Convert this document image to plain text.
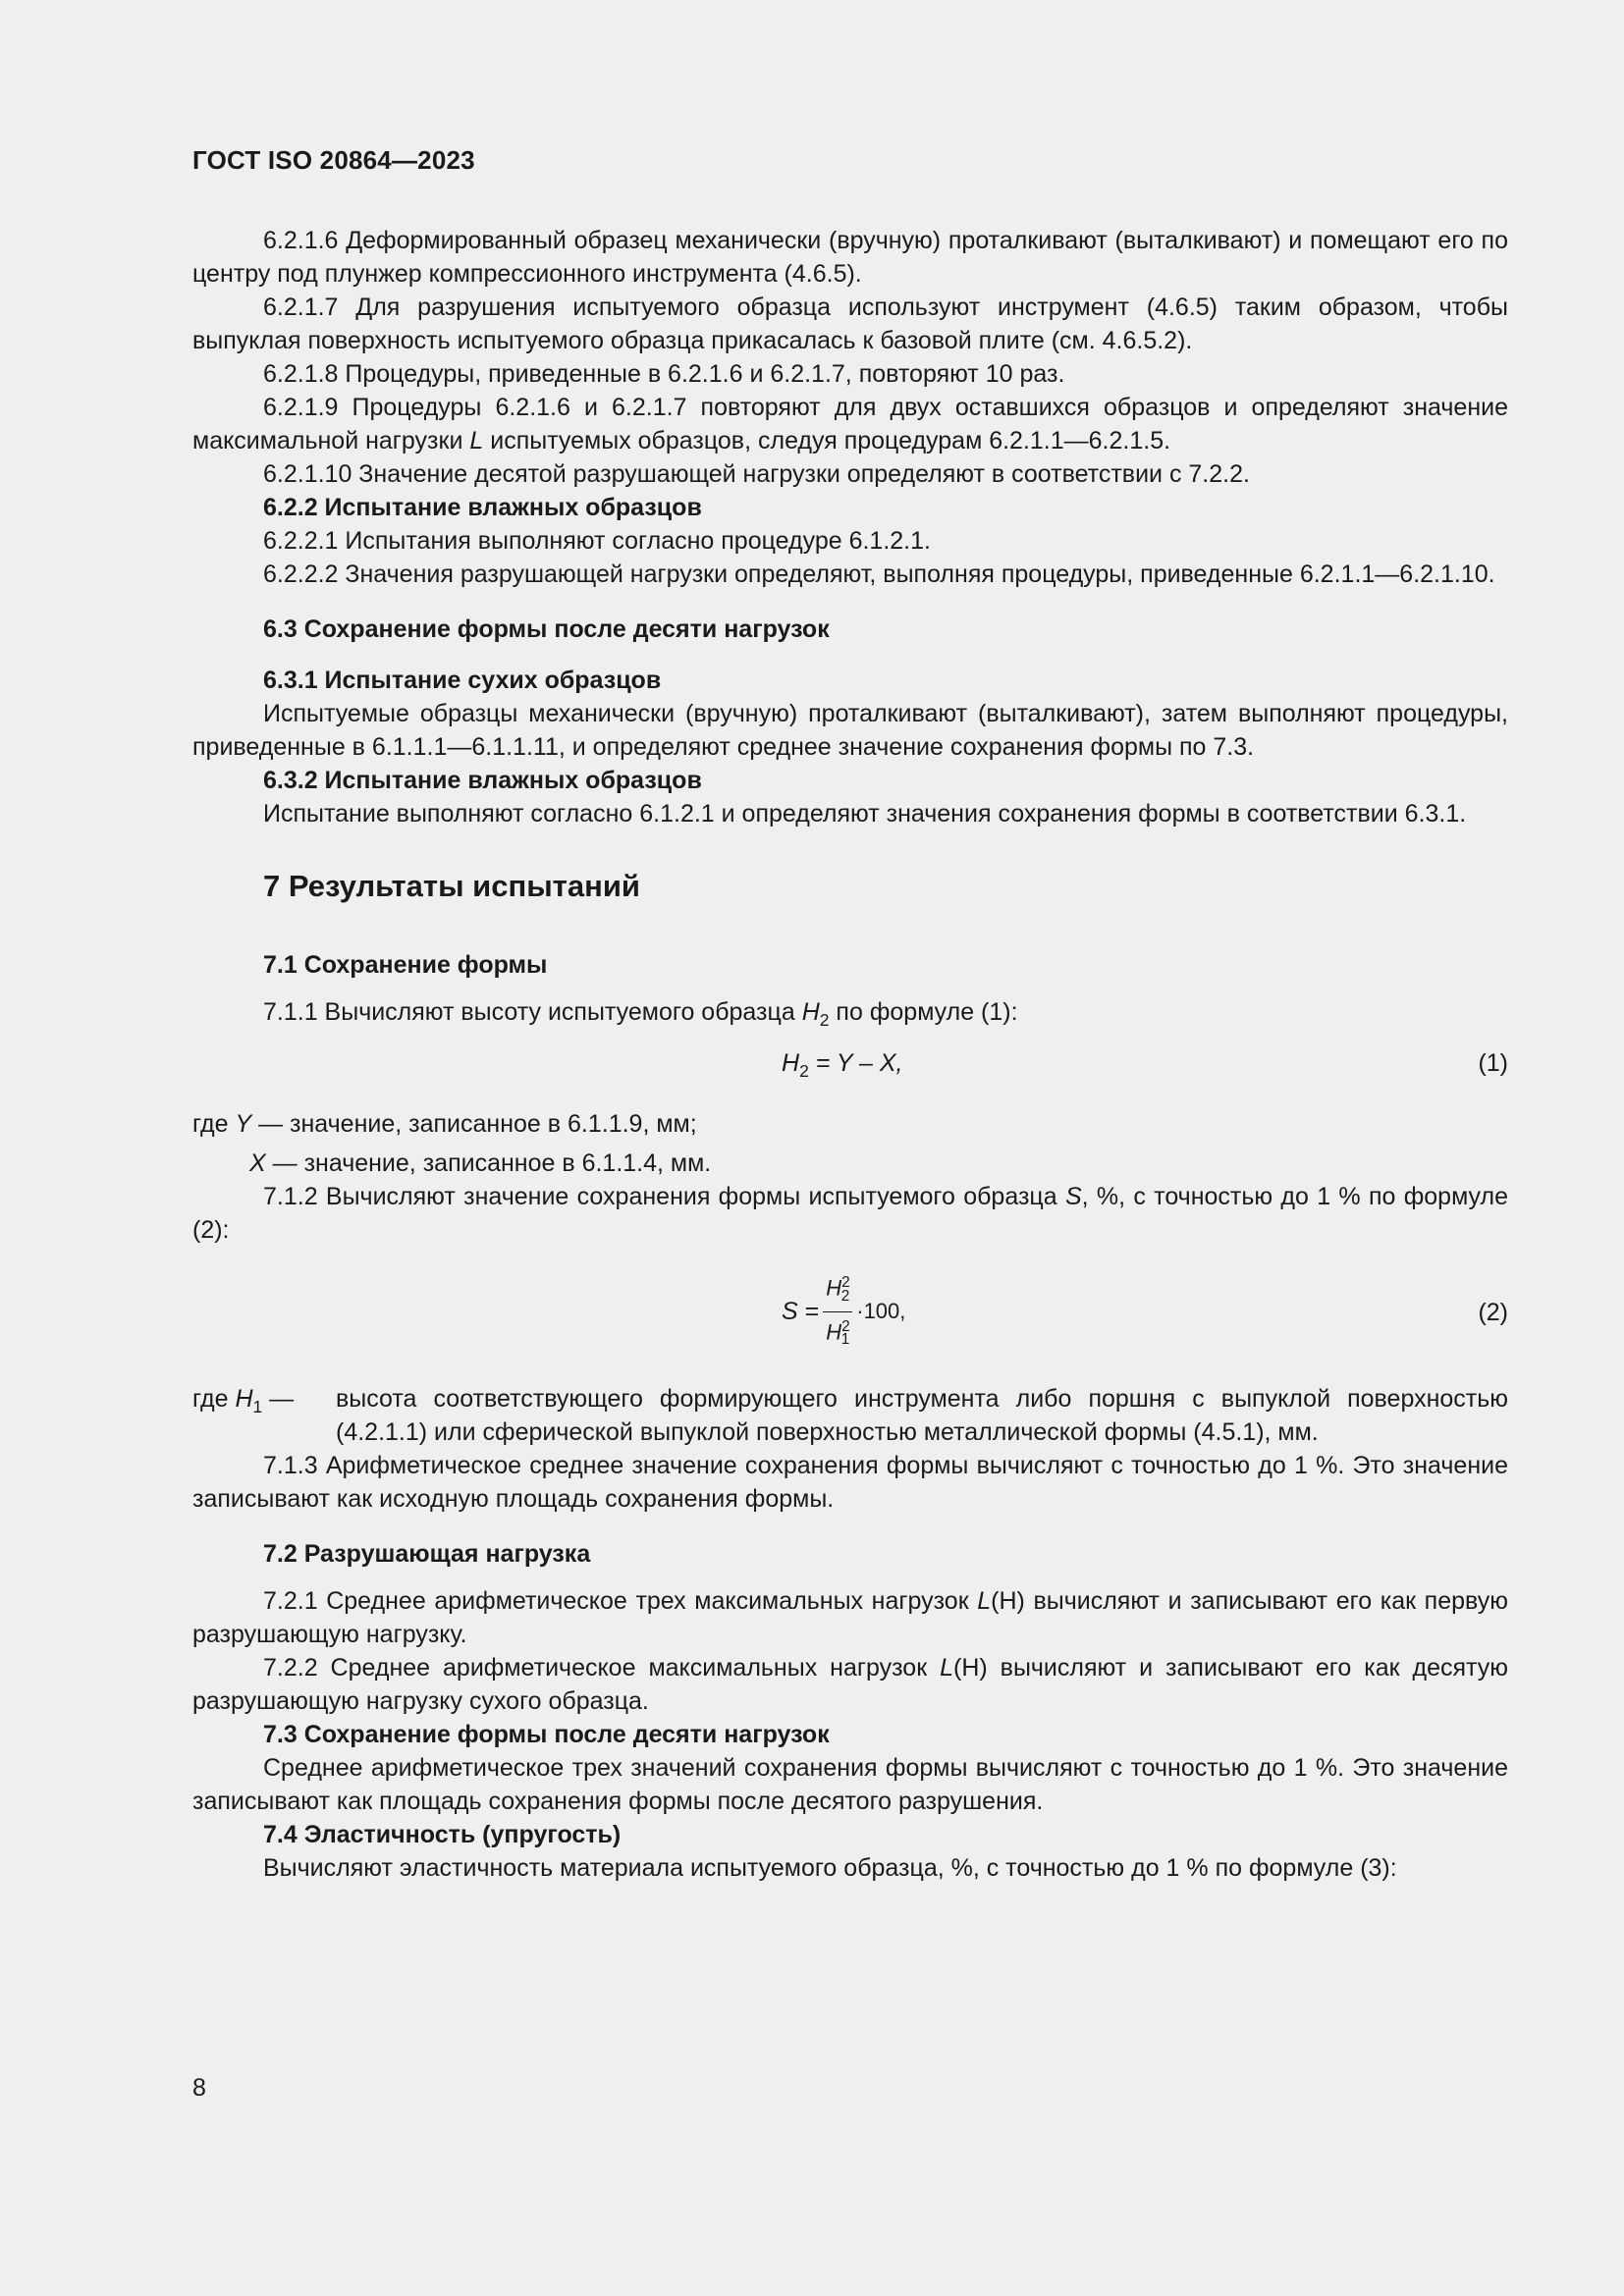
ГОСТ ISO 20864—2023

6.2.1.6 Деформированный образец механически (вручную) проталкивают (выталкивают) и помещают его по центру под плунжер компрессионного инструмента (4.6.5).

6.2.1.7 Для разрушения испытуемого образца используют инструмент (4.6.5) таким образом, чтобы выпуклая поверхность испытуемого образца прикасалась к базовой плите (см. 4.6.5.2).

6.2.1.8 Процедуры, приведенные в 6.2.1.6 и 6.2.1.7, повторяют 10 раз.

6.2.1.9 Процедуры 6.2.1.6 и 6.2.1.7 повторяют для двух оставшихся образцов и определяют значение максимальной нагрузки L испытуемых образцов, следуя процедурам 6.2.1.1—6.2.1.5.

6.2.1.10 Значение десятой разрушающей нагрузки определяют в соответствии с 7.2.2.

6.2.2 Испытание влажных образцов

6.2.2.1 Испытания выполняют согласно процедуре 6.1.2.1.

6.2.2.2 Значения разрушающей нагрузки определяют, выполняя процедуры, приведенные 6.2.1.1—6.2.1.10.

6.3 Сохранение формы после десяти нагрузок

6.3.1 Испытание сухих образцов

Испытуемые образцы механически (вручную) проталкивают (выталкивают), затем выполняют процедуры, приведенные в 6.1.1.1—6.1.1.11, и определяют среднее значение сохранения формы по 7.3.

6.3.2 Испытание влажных образцов

Испытание выполняют согласно 6.1.2.1 и определяют значения сохранения формы в соответствии 6.3.1.

7 Результаты испытаний

7.1 Сохранение формы

7.1.1 Вычисляют высоту испытуемого образца $H_2$ по формуле (1):

$H_2 = Y - X$,	(1)

где Y — значение, записанное в 6.1.1.9, мм;

X — значение, записанное в 6.1.1.4, мм.

7.1.2 Вычисляют значение сохранения формы испытуемого образца S, %, с точностью до 1 % по формуле (2):

$S = \frac{H^2_2}{H^2_1} \cdot 100$,	(2)
где $H_1$ —	высота соответствующего формирующего инструмента либо поршня с выпуклой поверхностью (4.2.1.1) или сферической выпуклой поверхностью металлической формы (4.5.1), мм.

7.1.3 Арифметическое среднее значение сохранения формы вычисляют с точностью до 1 %. Это значение записывают как исходную площадь сохранения формы.

7.2 Разрушающая нагрузка

7.2.1 Среднее арифметическое трех максимальных нагрузок L(Н) вычисляют и записывают его как первую разрушающую нагрузку.

7.2.2 Среднее арифметическое максимальных нагрузок L(Н) вычисляют и записывают его как десятую разрушающую нагрузку сухого образца.

7.3 Сохранение формы после десяти нагрузок

Среднее арифметическое трех значений сохранения формы вычисляют с точностью до 1 %. Это значение записывают как площадь сохранения формы после десятого разрушения.

7.4 Эластичность (упругость)

Вычисляют эластичность материала испытуемого образца, %, с точностью до 1 % по формуле (3):

8
